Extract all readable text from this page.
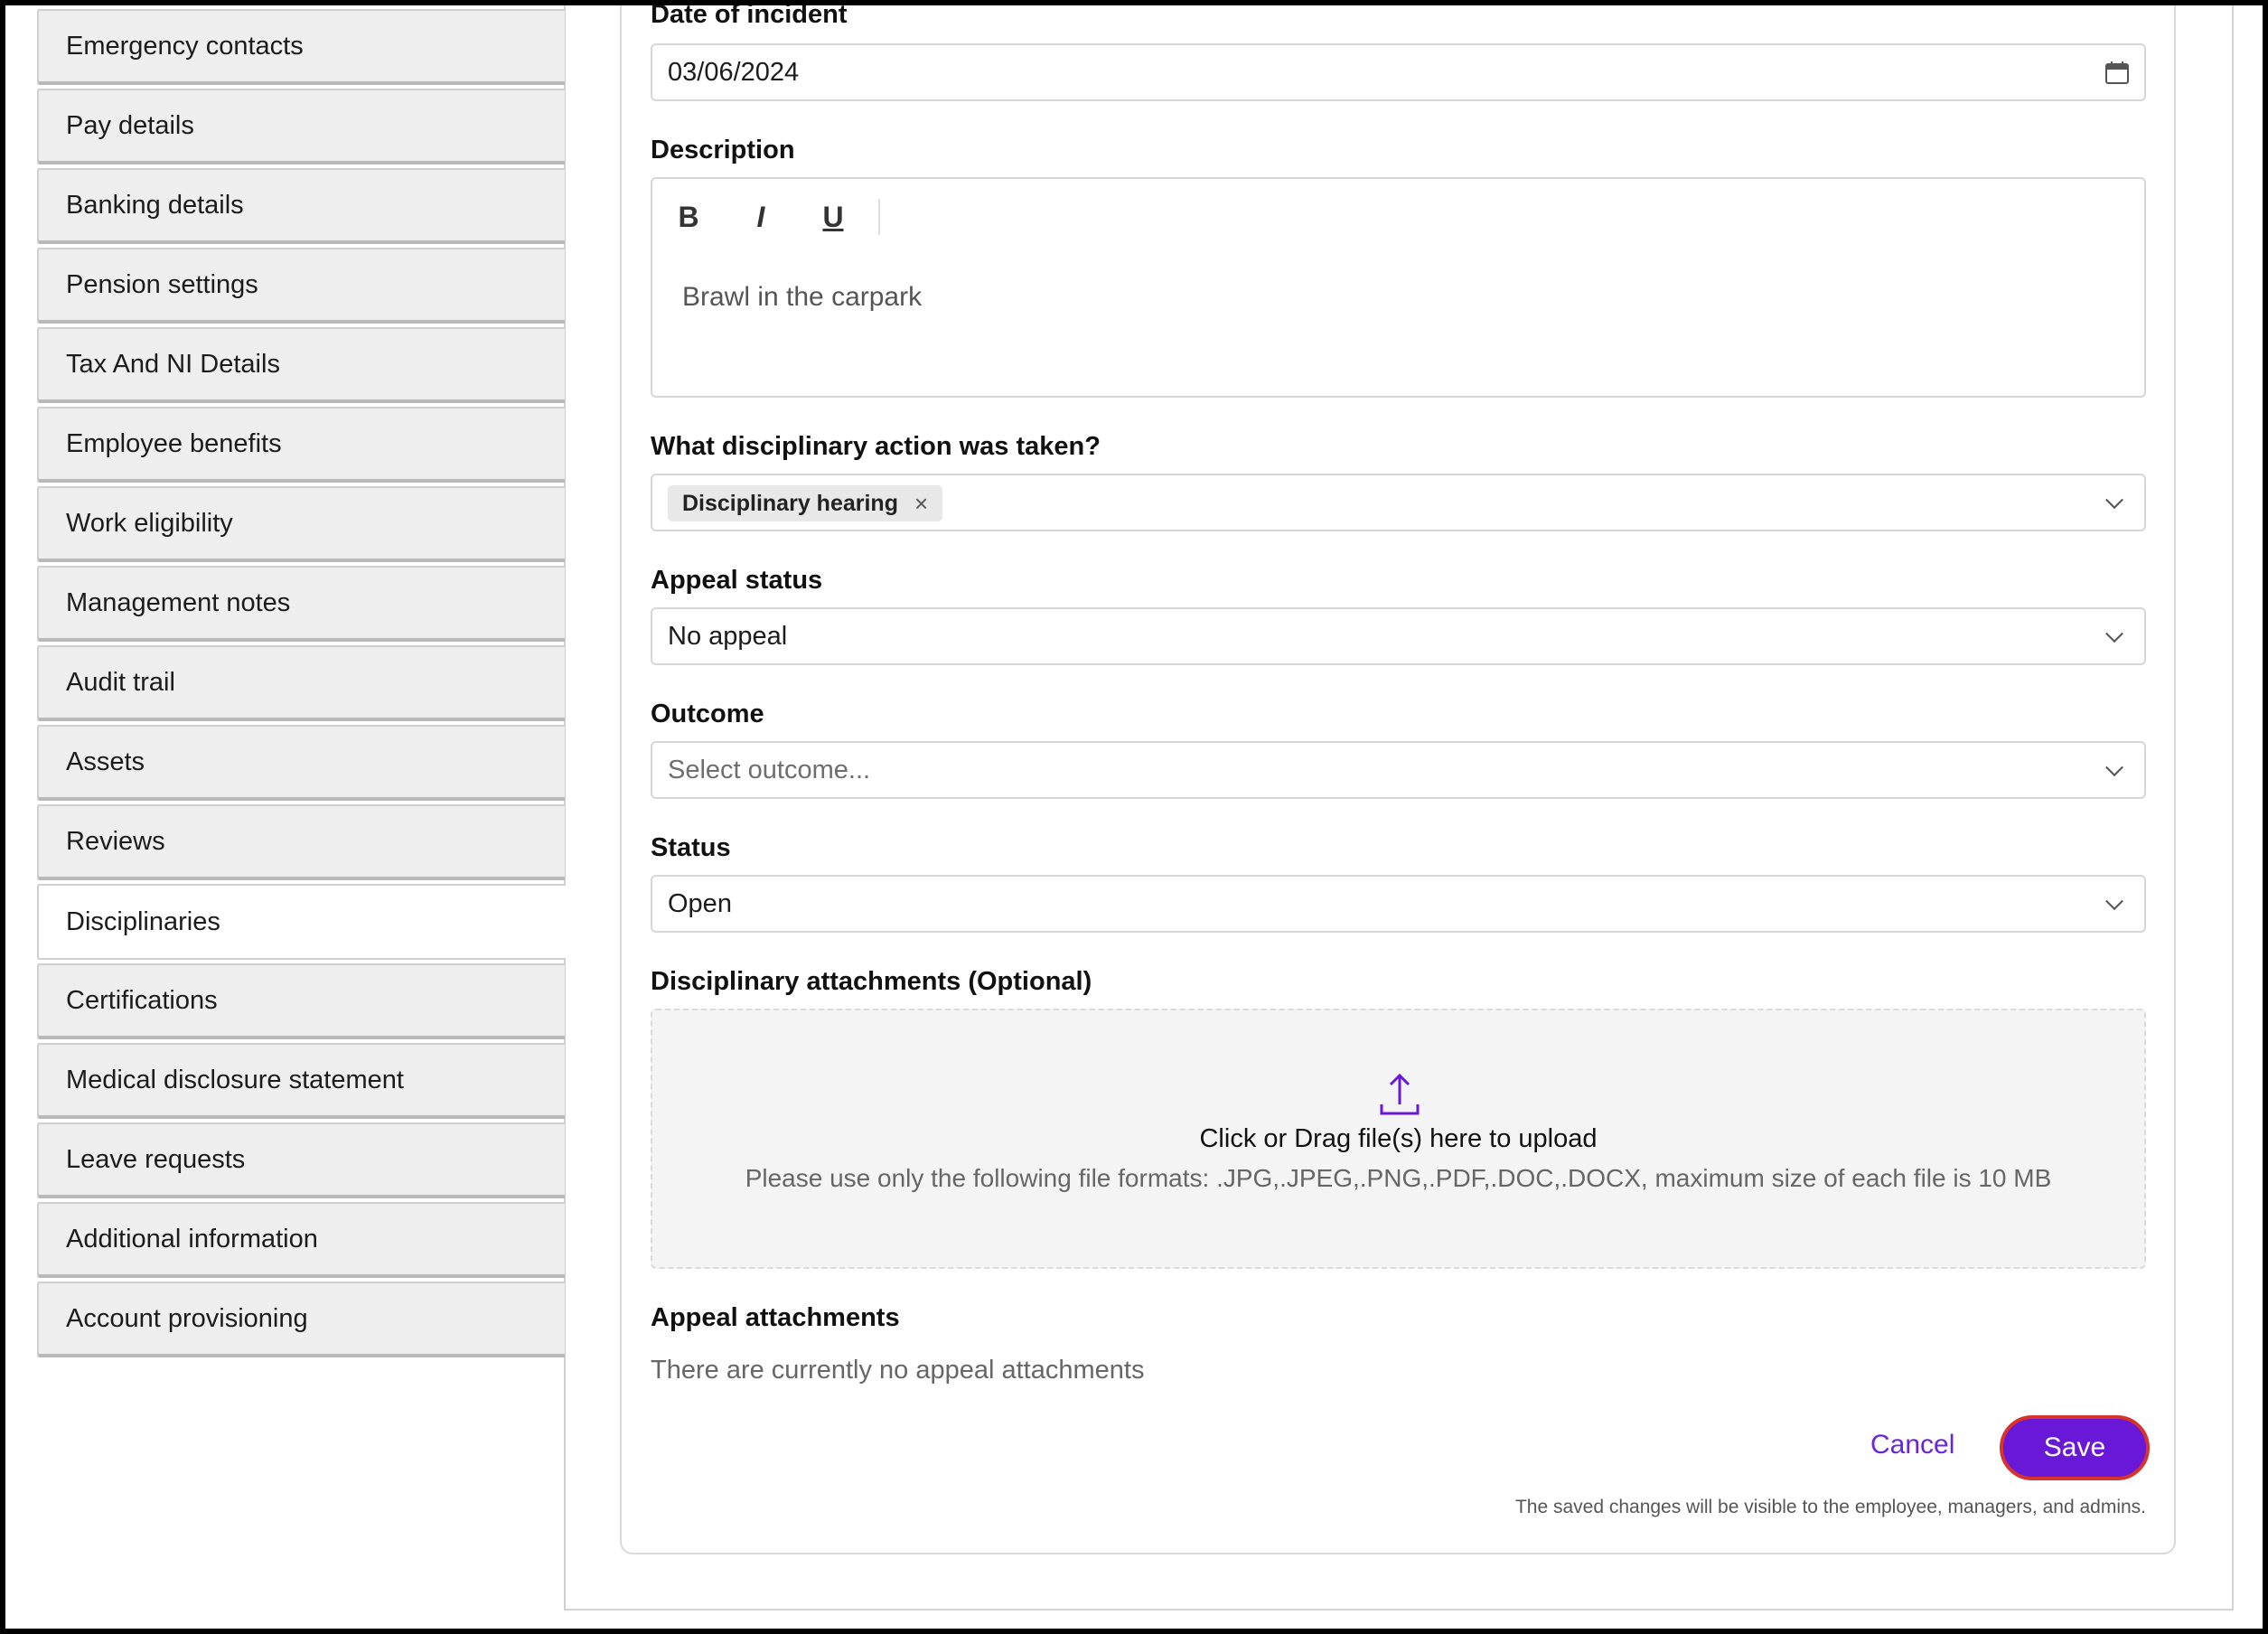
Emergency contacts
Pay details
Banking details
Pension settings
Tax And NI Details
Employee benefits
Work eligibility
Management notes
Audit trail
Assets
Reviews
Disciplinaries
Certifications
Medical disclosure statement
Leave requests
Additional information
Account provisioning
Date of incident
03/06/2024
Description
B	I	U
Brawl in the carpark
What disciplinary action was taken?
Disciplinary hearing ×
Appeal status
No appeal
Outcome
Select outcome...
Status
Open
Disciplinary attachments (Optional)
Click or Drag file(s) here to upload
Please use only the following file formats: .JPG,.JPEG,.PNG,.PDF,.DOC,.DOCX, maximum size of each file is 10 MB
Appeal attachments
There are currently no appeal attachments
Cancel	Save
The saved changes will be visible to the employee, managers, and admins.
